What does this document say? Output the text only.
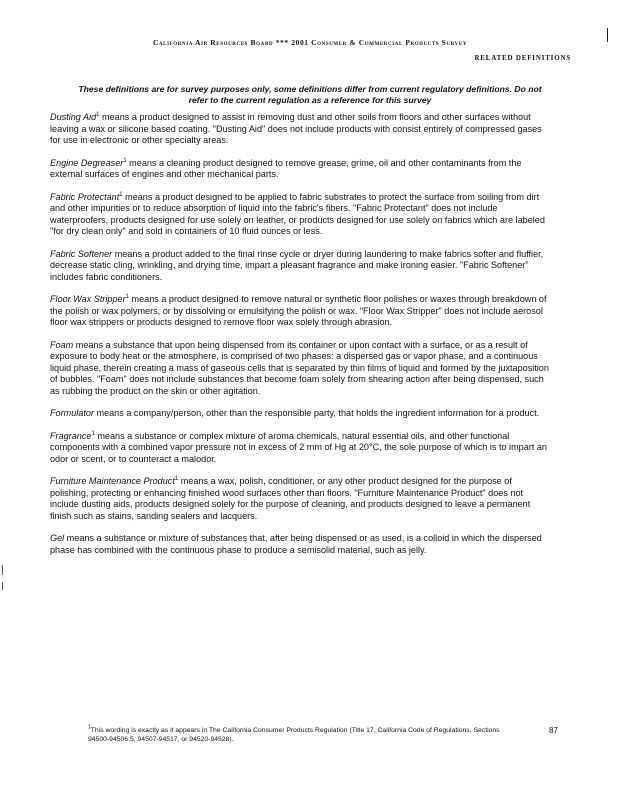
California Air Resources Board *** 2001 Consumer & Commercial Products Survey
RELATED DEFINITIONS
These definitions are for survey purposes only, some definitions differ from current regulatory definitions. Do not refer to the current regulation as a reference for this survey

Dusting Aid$^1$ means a product designed to assist in removing dust and other soils from floors and other surfaces without leaving a wax or silicone based coating. "Dusting Aid" does not include products with consist entirely of compressed gases for use in electronic or other specialty areas.

Engine Degreaser$^1$ means a cleaning product designed to remove grease, grime, oil and other contaminants from the external surfaces of engines and other mechanical parts.

Fabric Protectant$^1$ means a product designed to be applied to fabric substrates to protect the surface from soiling from dirt and other impurities or to reduce absorption of liquid into the fabric's fibers. "Fabric Protectant" does not include waterproofers, products designed for use solely on leather, or products designed for use solely on fabrics which are labeled "for dry clean only" and sold in containers of 10 fluid ounces or less.

Fabric Softener means a product added to the final rinse cycle or dryer during laundering to make fabrics softer and fluffier, decrease static cling, wrinkling, and drying time, impart a pleasant fragrance and make ironing easier. "Fabric Softener" includes fabric conditioners.

Floor Wax Stripper$^1$ means a product designed to remove natural or synthetic floor polishes or waxes through breakdown of the polish or wax polymers, or by dissolving or emulsifying the polish or wax. "Floor Wax Stripper" does not include aerosol floor wax strippers or products designed to remove floor wax solely through abrasion.

Foam means a substance that upon being dispensed from its container or upon contact with a surface, or as a result of exposure to body heat or the atmosphere, is comprised of two phases: a dispersed gas or vapor phase, and a continuous liquid phase, therein creating a mass of gaseous cells that is separated by thin films of liquid and formed by the juxtaposition of bubbles. "Foam" does not include substances that become foam solely from shearing action after being dispensed, such as rubbing the product on the skin or other agitation.

Formulator means a company/person, other than the responsible party, that holds the ingredient information for a product.

Fragrance$^1$ means a substance or complex mixture of aroma chemicals, natural essential oils, and other functional components with a combined vapor pressure not in excess of 2 mm of Hg at 20°C, the sole purpose of which is to impart an odor or scent, or to counteract a malodor.

Furniture Maintenance Product$^1$ means a wax, polish, conditioner, or any other product designed for the purpose of polishing, protecting or enhancing finished wood surfaces other than floors. "Furniture Maintenance Product" does not include dusting aids, products designed solely for the purpose of cleaning, and products designed to leave a permanent finish such as stains, sanding sealers and lacquers.

Gel means a substance or mixture of substances that, after being dispensed or as used, is a colloid in which the dispersed phase has combined with the continuous phase to produce a semisolid material, such as jelly.

$^1$This wording is exactly as it appears in The California Consumer Products Regulation (Title 17, California Code of Regulations, Sections 94500-94506.5, 94507-94517, or 94520-94528).
87
